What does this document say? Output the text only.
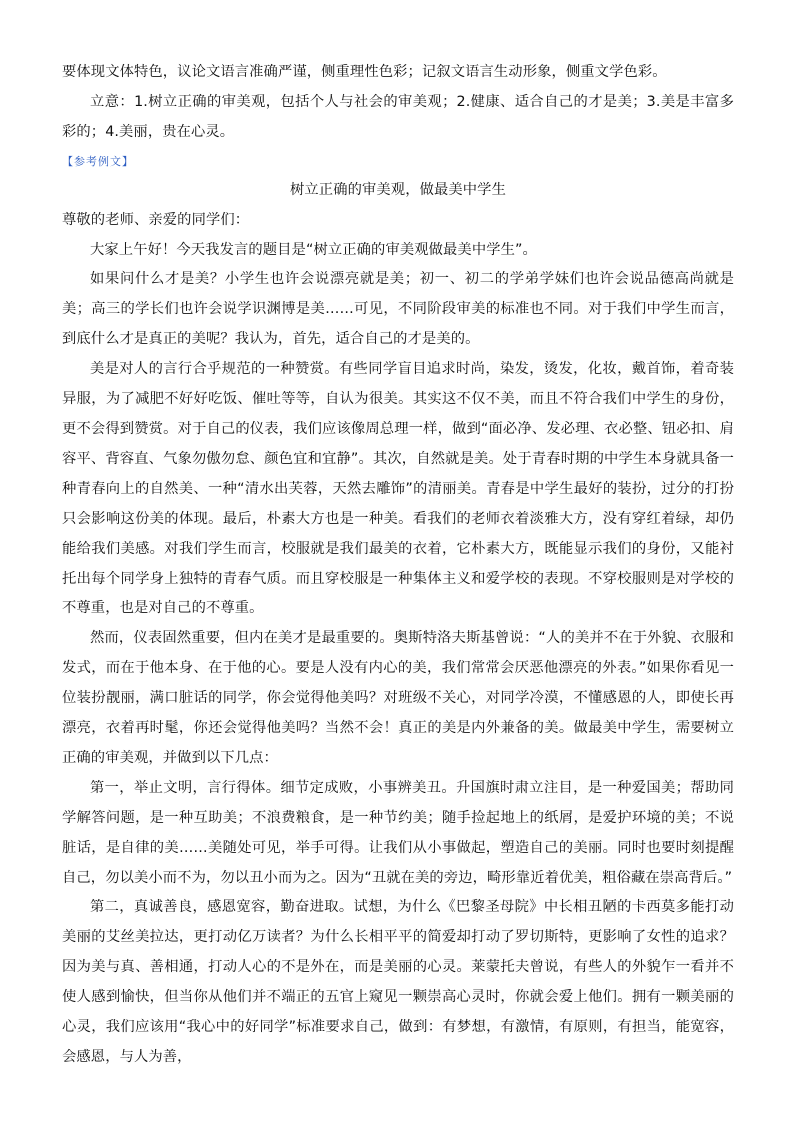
要体现文体特色，议论文语言准确严谨，侧重理性色彩；记叙文语言生动形象，侧重文学色彩。

立意：1.树立正确的审美观，包括个人与社会的审美观；2.健康、适合自己的才是美；3.美是丰富多彩的；4.美丽，贵在心灵。

【参考例文】

树立正确的审美观，做最美中学生

尊敬的老师、亲爱的同学们：

大家上午好！今天我发言的题目是“树立正确的审美观做最美中学生”。

如果问什么才是美？小学生也许会说漂亮就是美；初一、初二的学弟学妹们也许会说品德高尚就是美；高三的学长们也许会说学识渊博是美……可见，不同阶段审美的标准也不同。对于我们中学生而言，到底什么才是真正的美呢？我认为，首先，适合自己的才是美的。

美是对人的言行合乎规范的一种赞赏。有些同学盲目追求时尚，染发，烫发，化妆，戴首饰，着奇装异服，为了减肥不好好吃饭、催吐等等，自认为很美。其实这不仅不美，而且不符合我们中学生的身份，更不会得到赞赏。对于自己的仪表，我们应该像周总理一样，做到“面必净、发必理、衣必整、钮必扣、肩容平、背容直、气象勿傲勿怠、颜色宜和宜静”。其次，自然就是美。处于青春时期的中学生本身就具备一种青春向上的自然美、一种“清水出芙蓉，天然去雕饰”的清丽美。青春是中学生最好的装扮，过分的打扮只会影响这份美的体现。最后，朴素大方也是一种美。看我们的老师衣着淡雅大方，没有穿红着绿，却仍能给我们美感。对我们学生而言，校服就是我们最美的衣着，它朴素大方，既能显示我们的身份，又能衬托出每个同学身上独特的青春气质。而且穿校服是一种集体主义和爱学校的表现。不穿校服则是对学校的不尊重，也是对自己的不尊重。

然而，仪表固然重要，但内在美才是最重要的。奥斯特洛夫斯基曾说：“人的美并不在于外貌、衣服和发式，而在于他本身、在于他的心。要是人没有内心的美，我们常常会厌恶他漂亮的外表。”如果你看见一位装扮靓丽，满口脏话的同学，你会觉得他美吗？对班级不关心，对同学冷漠，不懂感恩的人，即使长再漂亮，衣着再时髦，你还会觉得他美吗？当然不会！真正的美是内外兼备的美。做最美中学生，需要树立正确的审美观，并做到以下几点：

第一，举止文明，言行得体。细节定成败，小事辨美丑。升国旗时肃立注目，是一种爱国美；帮助同学解答问题，是一种互助美；不浪费粮食，是一种节约美；随手捡起地上的纸屑，是爱护环境的美；不说脏话，是自律的美……美随处可见，举手可得。让我们从小事做起，塑造自己的美丽。同时也要时刻提醒自己，勿以美小而不为，勿以丑小而为之。因为“丑就在美的旁边，畸形靠近着优美，粗俗藏在崇高背后。”

第二，真诚善良，感恩宽容，勤奋进取。试想，为什么《巴黎圣母院》中长相丑陋的卡西莫多能打动美丽的艾丝美拉达，更打动亿万读者？为什么长相平平的简爱却打动了罗切斯特，更影响了女性的追求？因为美与真、善相通，打动人心的不是外在，而是美丽的心灵。莱蒙托夫曾说，有些人的外貌乍一看并不使人感到愉快，但当你从他们并不端正的五官上窥见一颗崇高心灵时，你就会爱上他们。拥有一颗美丽的心灵，我们应该用“我心中的好同学”标准要求自己，做到：有梦想，有激情，有原则，有担当，能宽容，会感恩，与人为善，
